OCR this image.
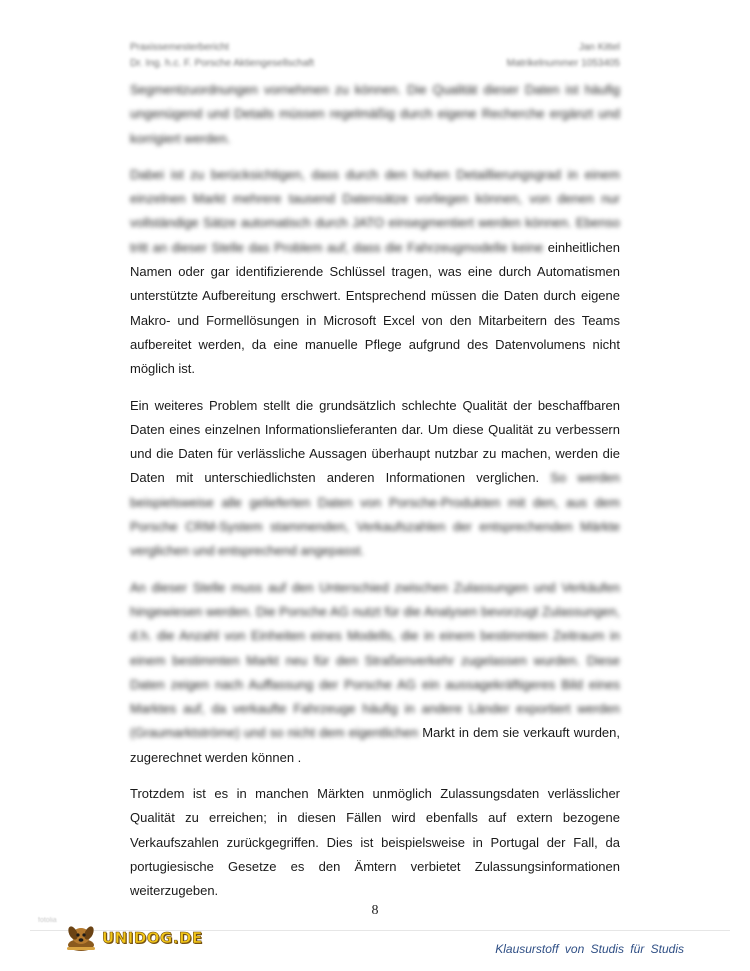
Praxissemesterbericht	Jan Kittel
Dr. Ing. h.c. F. Porsche Aktiengesellschaft	Matrikelnummer 1053405

Segmentzuordnungen vornehmen zu können. Die Qualität dieser Daten ist häufig ungenügend und Details müssen regelmäßig durch eigene Recherche ergänzt und korrigiert werden.

Dabei ist zu berücksichtigen, dass durch den hohen Detaillierungsgrad in einem einzelnen Markt mehrere tausend Datensätze vorliegen können, von denen nur vollständige Sätze automatisch durch JATO einsegmentiert werden können. Ebenso tritt an dieser Stelle das Problem auf, dass die Fahrzeugmodelle keine einheitlichen Namen oder gar identifizierende Schlüssel tragen, was eine durch Automatismen unterstützte Aufbereitung erschwert. Entsprechend müssen die Daten durch eigene Makro- und Formellösungen in Microsoft Excel von den Mitarbeitern des Teams aufbereitet werden, da eine manuelle Pflege aufgrund des Datenvolumens nicht möglich ist.

Ein weiteres Problem stellt die grundsätzlich schlechte Qualität der beschaffbaren Daten eines einzelnen Informationslieferanten dar. Um diese Qualität zu verbessern und die Daten für verlässliche Aussagen überhaupt nutzbar zu machen, werden die Daten mit unterschiedlichsten anderen Informationen verglichen. So werden beispielsweise alle gelieferten Daten von Porsche-Produkten mit den, aus dem Porsche CRM-System stammenden, Verkaufszahlen der entsprechenden Märkte verglichen und entsprechend angepasst.

An dieser Stelle muss auf den Unterschied zwischen Zulassungen und Verkäufen hingewiesen werden. Die Porsche AG nutzt für die Analysen bevorzugt Zulassungen, d.h. die Anzahl von Einheiten eines Modells, die in einem bestimmten Zeitraum in einem bestimmten Markt neu für den Straßenverkehr zugelassen wurden. Diese Daten zeigen nach Auffassung der Porsche AG ein aussagekräftigeres Bild eines Marktes auf, da verkaufte Fahrzeuge häufig in andere Länder exportiert werden (Graumarktströme) und so nicht dem eigentlichen Markt in dem sie verkauft wurden, zugerechnet werden können .

Trotzdem ist es in manchen Märkten unmöglich Zulassungsdaten verlässlicher Qualität zu erreichen; in diesen Fällen wird ebenfalls auf extern bezogene Verkaufszahlen zurückgegriffen. Dies ist beispielsweise in Portugal der Fall, da portugiesische Gesetze es den Ämtern verbietet Zulassungsinformationen weiterzugeben.

8
fotolia
UNIDOG.DE
Klausurstoff von Studis für Studis
